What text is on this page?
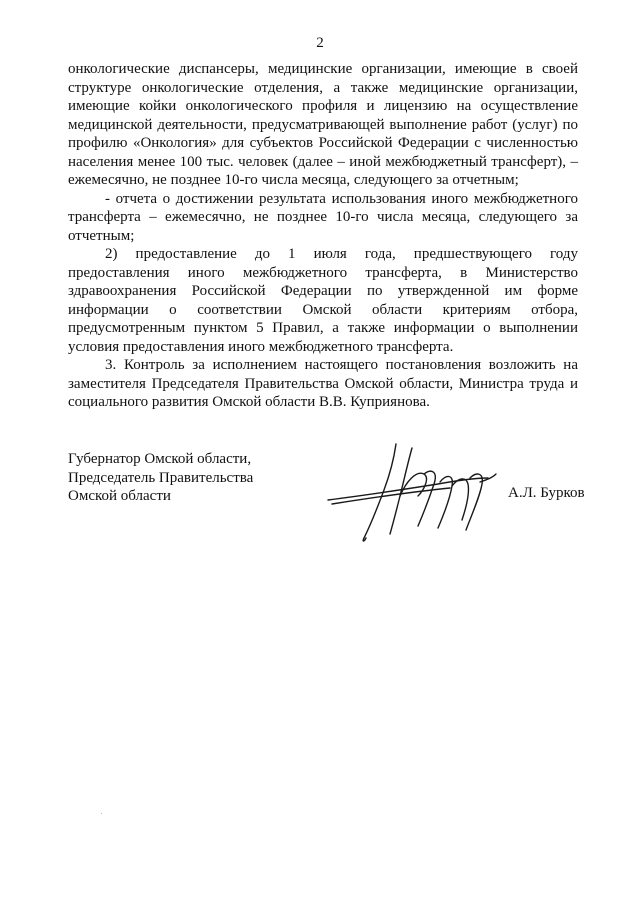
2

онкологические диспансеры, медицинские организации, имеющие в своей структуре онкологические отделения, а также медицинские организации, имеющие койки онкологического профиля и лицензию на осуществление медицинской деятельности, предусматривающей выполнение работ (услуг) по профилю «Онкология» для субъектов Российской Федерации с численностью населения менее 100 тыс. человек (далее – иной межбюджетный трансферт), – ежемесячно, не позднее 10-го числа месяца, следующего за отчетным;

- отчета о достижении результата использования иного межбюджетного трансферта – ежемесячно, не позднее 10-го числа месяца, следующего за отчетным;

2) предоставление до 1 июля года, предшествующего году предоставления иного межбюджетного трансферта, в Министерство здравоохранения Российской Федерации по утвержденной им форме информации о соответствии Омской области критериям отбора, предусмотренным пунктом 5 Правил, а также информации о выполнении условия предоставления иного межбюджетного трансферта.

3. Контроль за исполнением настоящего постановления возложить на заместителя Председателя Правительства Омской области, Министра труда и социального развития Омской области В.В. Куприянова.

Губернатор Омской области,
Председатель Правительства
Омской области	А.Л. Бурков
